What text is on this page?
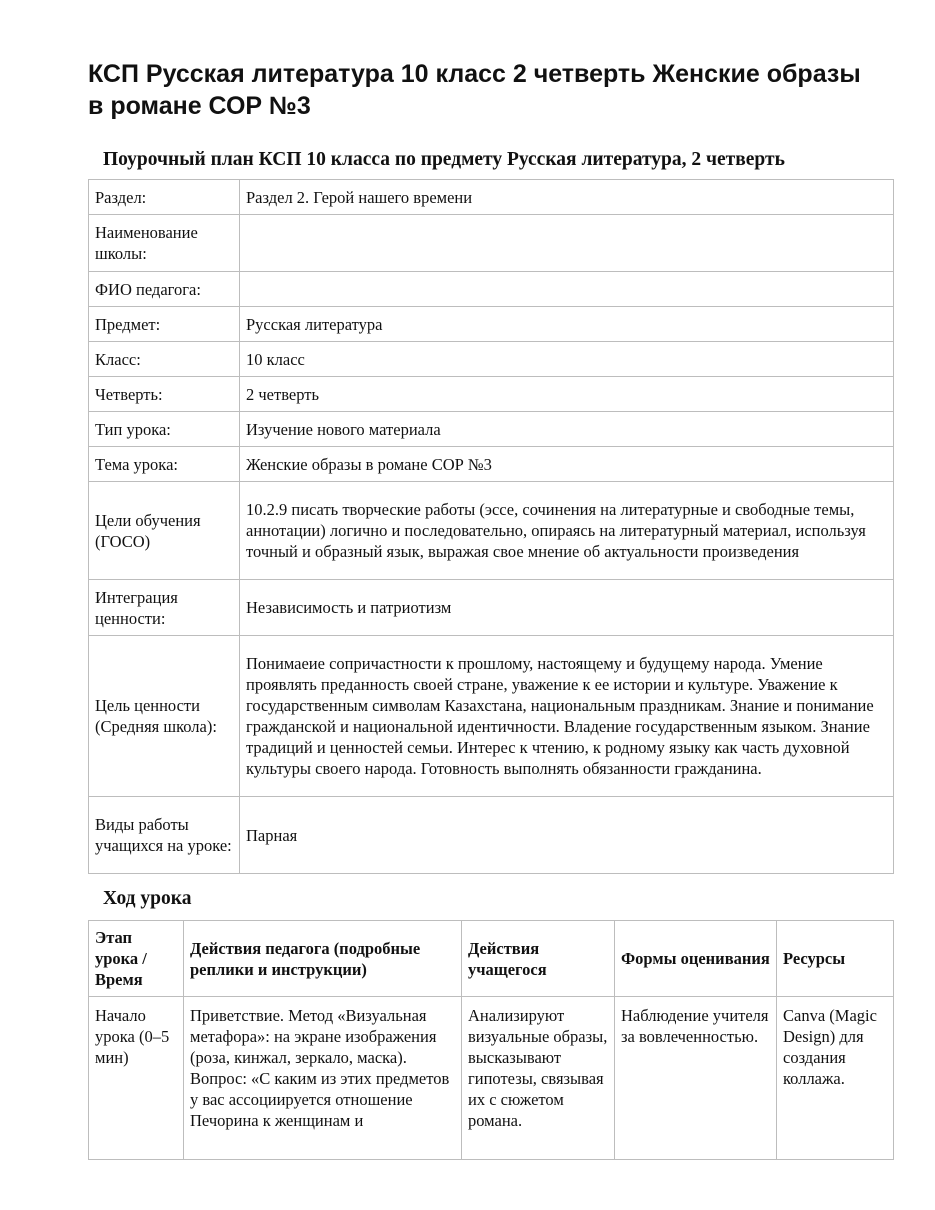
КСП Русская литература 10 класс 2 четверть Женские образы в романе СОР №3
Поурочный план КСП 10 класса по предмету Русская литература, 2 четверть
Раздел:	Раздел 2. Герой нашего времени
Наименование школы:	
ФИО педагога:	
Предмет:	Русская литература
Класс:	10 класс
Четверть:	2 четверть
Тип урока:	Изучение нового материала
Тема урока:	Женские образы в романе СОР №3
Цели обучения (ГОСО)	10.2.9 писать творческие работы (эссе, сочинения на литературные и свободные темы, аннотации) логично и последовательно, опираясь на литературный материал, используя точный и образный язык, выражая свое мнение об актуальности произведения
Интеграция ценности:	Независимость и патриотизм
Цель ценности (Средняя школа):	Понимаеие сопричастности к прошлому, настоящему и будущему народа. Умение проявлять преданность своей стране, уважение к ее истории и культуре. Уважение к государственным символам Казахстана, национальным праздникам. Знание и понимание гражданской и национальной идентичности. Владение государственным языком. Знание традиций и ценностей семьи. Интерес к чтению, к родному языку как часть духовной культуры своего народа. Готовность выполнять обязанности гражданина.
Виды работы учащихся на уроке:	Парная
Ход урока
Этап урока / Время	Действия педагога (подробные реплики и инструкции)	Действия учащегося	Формы оценивания	Ресурсы

Начало урока (0–5 мин)	Приветствие. Метод «Визуальная метафора»: на экране изображения (роза, кинжал, зеркало, маска). Вопрос: «С каким из этих предметов у вас ассоциируется отношение Печорина к женщинам и	Анализируют визуальные образы, высказывают гипотезы, связывая их с сюжетом романа.	Наблюдение учителя за вовлеченностью.	Canva (Magic Design) для создания коллажа.
